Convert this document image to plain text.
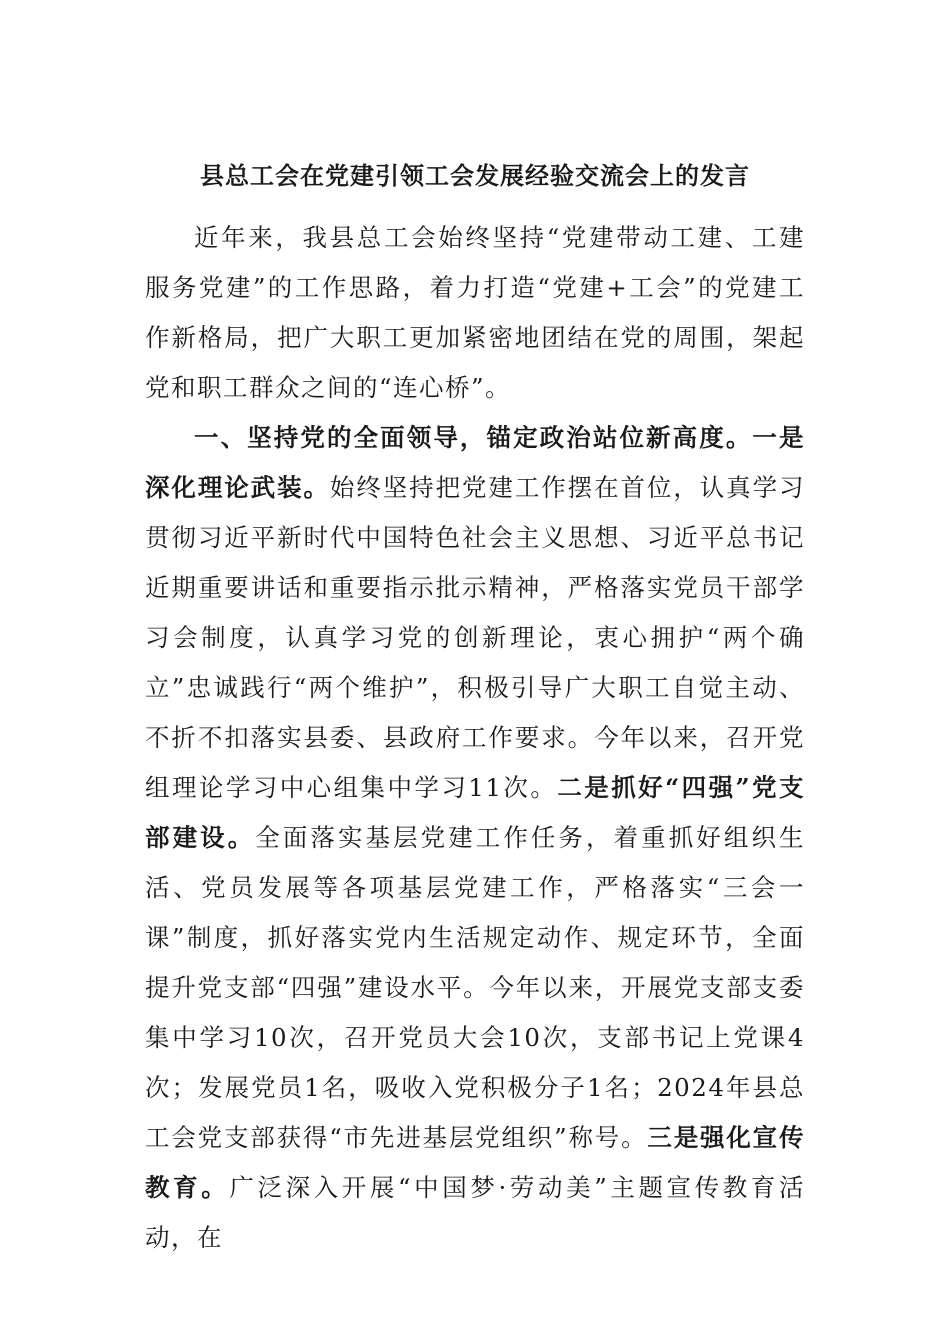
县总工会在党建引领工会发展经验交流会上的发言

近年来，我县总工会始终坚持“党建带动工建、工建服务党建”的工作思路，着力打造“党建+工会”的党建工作新格局，把广大职工更加紧密地团结在党的周围，架起党和职工群众之间的“连心桥”。

一、坚持党的全面领导，锚定政治站位新高度。一是深化理论武装。始终坚持把党建工作摆在首位，认真学习贯彻习近平新时代中国特色社会主义思想、习近平总书记近期重要讲话和重要指示批示精神，严格落实党员干部学习会制度，认真学习党的创新理论，衷心拥护“两个确立”忠诚践行“两个维护”，积极引导广大职工自觉主动、不折不扣落实县委、县政府工作要求。今年以来，召开党组理论学习中心组集中学习11次。二是抓好“四强”党支部建设。全面落实基层党建工作任务，着重抓好组织生活、党员发展等各项基层党建工作，严格落实“三会一课”制度，抓好落实党内生活规定动作、规定环节，全面提升党支部“四强”建设水平。今年以来，开展党支部支委集中学习10次，召开党员大会10次，支部书记上党课4次；发展党员1名，吸收入党积极分子1名；2024年县总工会党支部获得“市先进基层党组织”称号。三是强化宣传教育。广泛深入开展“中国梦·劳动美”主题宣传教育活动，在
